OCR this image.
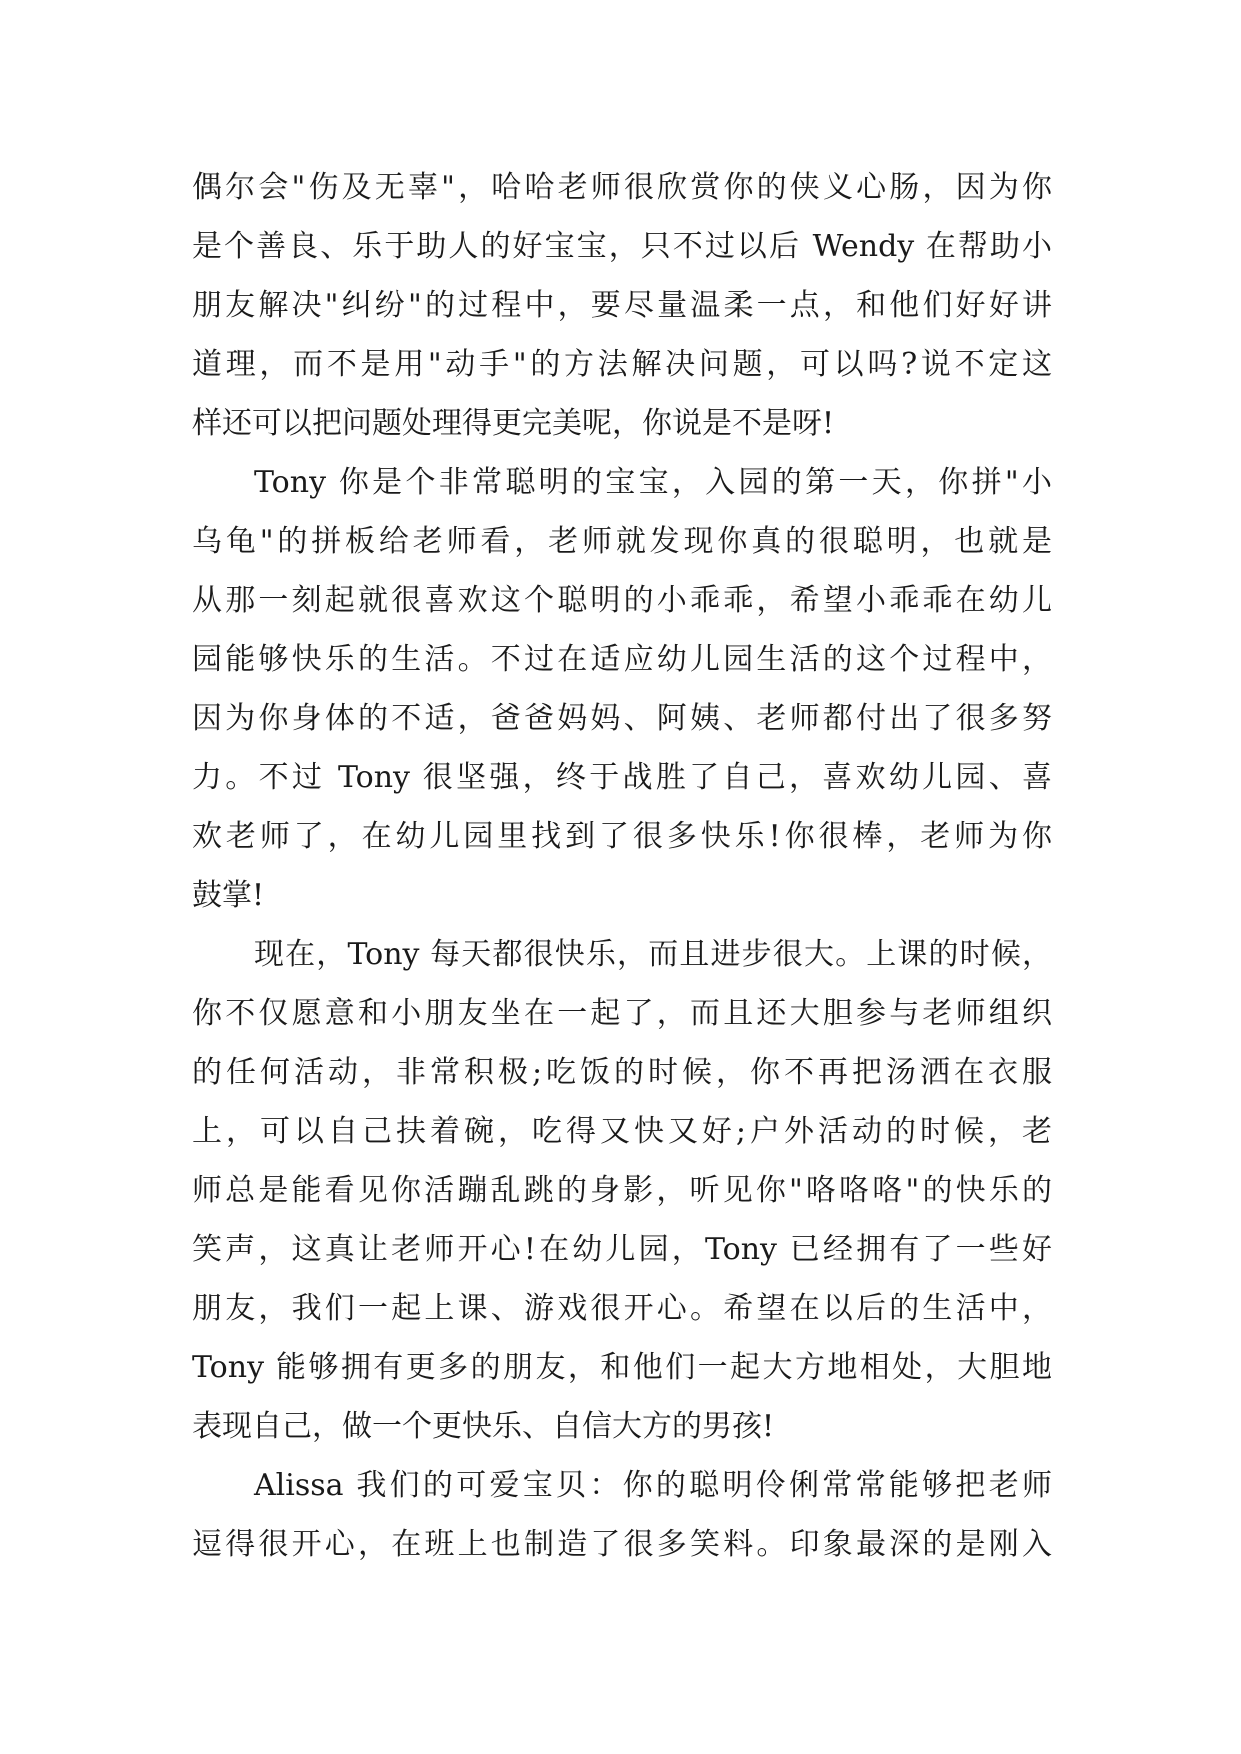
偶尔会"伤及无辜"，哈哈老师很欣赏你的侠义心肠，因为你
是个善良、乐于助人的好宝宝，只不过以后 Wendy 在帮助小
朋友解决"纠纷"的过程中，要尽量温柔一点，和他们好好讲
道理，而不是用"动手"的方法解决问题，可以吗?说不定这
样还可以把问题处理得更完美呢，你说是不是呀!
Tony 你是个非常聪明的宝宝，入园的第一天，你拼"小
乌龟"的拼板给老师看，老师就发现你真的很聪明，也就是
从那一刻起就很喜欢这个聪明的小乖乖，希望小乖乖在幼儿
园能够快乐的生活。不过在适应幼儿园生活的这个过程中，
因为你身体的不适，爸爸妈妈、阿姨、老师都付出了很多努
力。不过 Tony 很坚强，终于战胜了自己，喜欢幼儿园、喜
欢老师了，在幼儿园里找到了很多快乐!你很棒，老师为你
鼓掌!
现在，Tony 每天都很快乐，而且进步很大。上课的时候，
你不仅愿意和小朋友坐在一起了，而且还大胆参与老师组织
的任何活动，非常积极;吃饭的时候，你不再把汤洒在衣服
上，可以自己扶着碗，吃得又快又好;户外活动的时候，老
师总是能看见你活蹦乱跳的身影，听见你"咯咯咯"的快乐的
笑声，这真让老师开心!在幼儿园，Tony 已经拥有了一些好
朋友，我们一起上课、游戏很开心。希望在以后的生活中，
Tony 能够拥有更多的朋友，和他们一起大方地相处，大胆地
表现自己，做一个更快乐、自信大方的男孩!
Alissa 我们的可爱宝贝：你的聪明伶俐常常能够把老师
逗得很开心，在班上也制造了很多笑料。印象最深的是刚入
